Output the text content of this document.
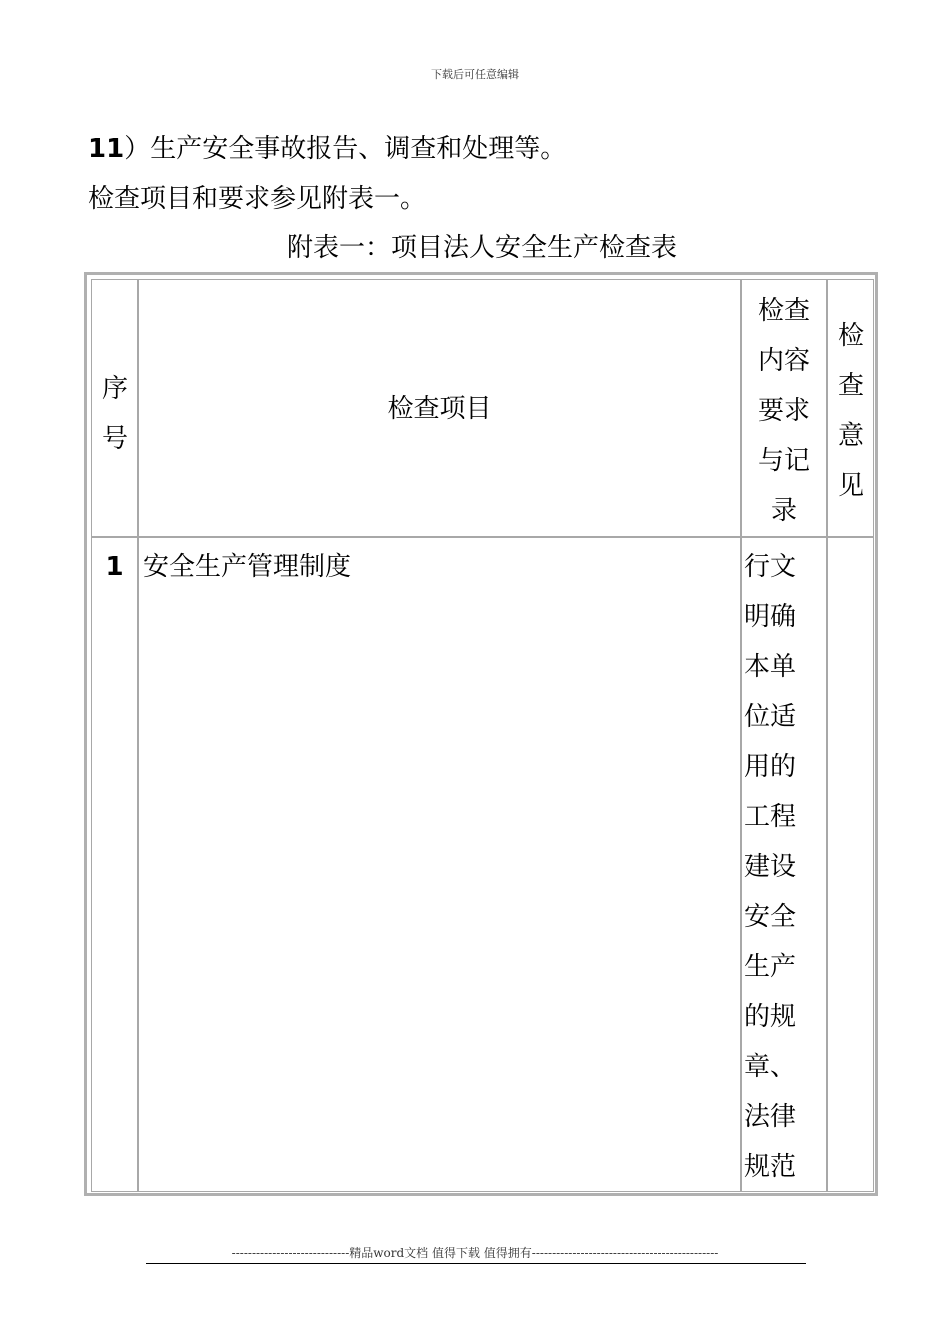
下载后可任意编辑
11）生产安全事故报告、调查和处理等。
检查项目和要求参见附表一。
附表一：项目法人安全生产检查表
序号
检查项目
检查内容要求与记录
检查意见
1 安全生产管理制度	行文明确本单位适用的工程建设安全生产的规章、法律规范
-----------------------------精品word文档 值得下载 值得拥有----------------------------------------------
